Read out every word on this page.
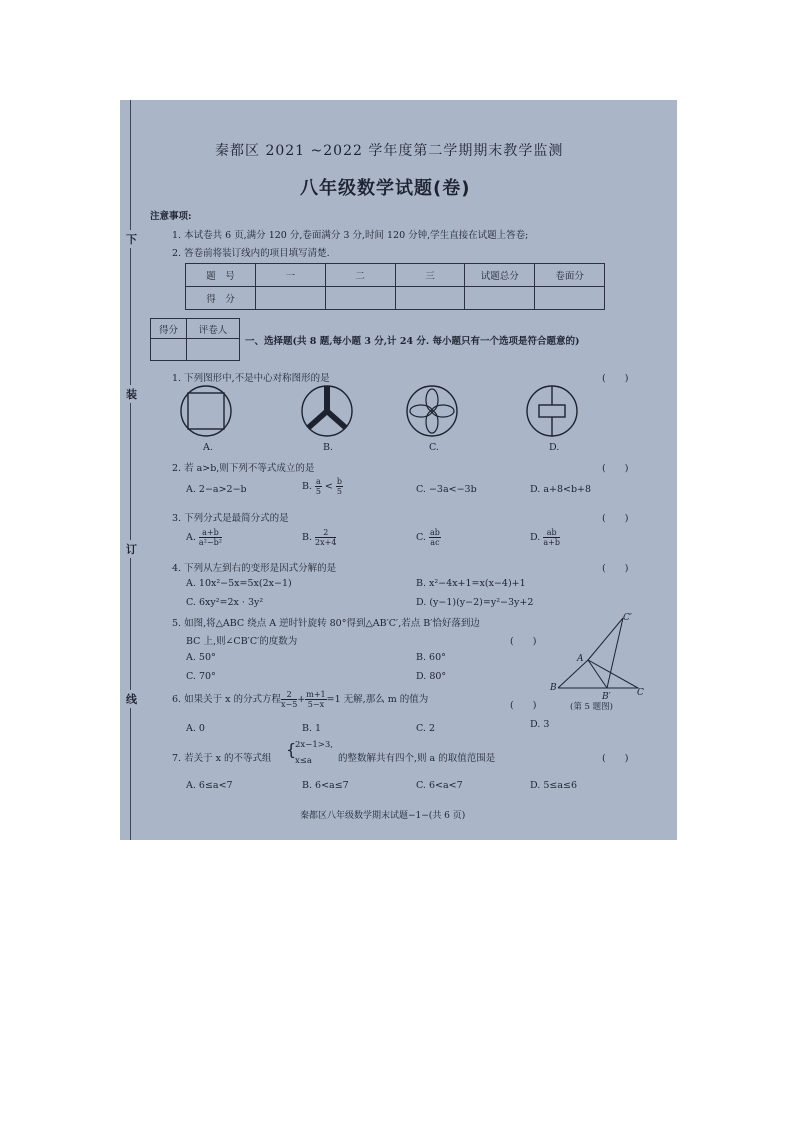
下
装
订
线
秦都区 2021 ~2022 学年度第二学期期末教学监测
八年级数学试题(卷)
注意事项:
1. 本试卷共 6 页,满分 120 分,卷面满分 3 分,时间 120 分钟,学生直接在试题上答卷;
2. 答卷前将装订线内的项目填写清楚.
题　号	一	二	三	试题总分	卷面分
得　分					
得分	评卷人

一、选择题(共 8 题,每小题 3 分,计 24 分. 每小题只有一个选项是符合题意的)
1. 下列图形中,不是中心对称图形的是	(　　)
A.	B.	C.	D.
2. 若 a>b,则下列不等式成立的是	(　　)
A. 2−a>2−b	B. $\frac{a}{5} < \frac{b}{5}$	C. −3a<−3b	D. a+8<b+8
3. 下列分式是最简分式的是	(　　)
A. $\frac{a+b}{\text{a²−b²}}$	B. $\frac{2}{2x+4}$	C. $\frac{ab}{ac}$	D. $\frac{ab}{a+b}$
4. 下列从左到右的变形是因式分解的是	(　　)
A. 10x²−5x=5x(2x−1)	B. x²−4x+1=x(x−4)+1
C. 6xy²=2x · 3y²	D. (y−1)(y−2)=y²−3y+2
5. 如图,将△ABC 绕点 A 逆时针旋转 80°得到△AB′C′,若点 B′恰好落到边
BC 上,则∠CB′C′的度数为	(　　)
A. 50°	B. 60°
C. 70°	D. 80°
C′
A
B
B′	C
(第 5 题图)
6. 如果关于 x 的分式方程 $\frac{2}{x-5} + \frac{m+1}{5-x} =1$ 无解,那么 m 的值为
(　　)
A. 0	B. 1	C. 2	D. 3
7. 若关于 x 的不等式组 {
2x−1>3,
x≤a	的整数解共有四个,则 a 的取值范围是	(　　)
A. 6≤a<7	B. 6<a≤7	C. 6<a<7	D. 5≤a≤6
秦都区八年级数学期末试题−1−(共 6 页)
